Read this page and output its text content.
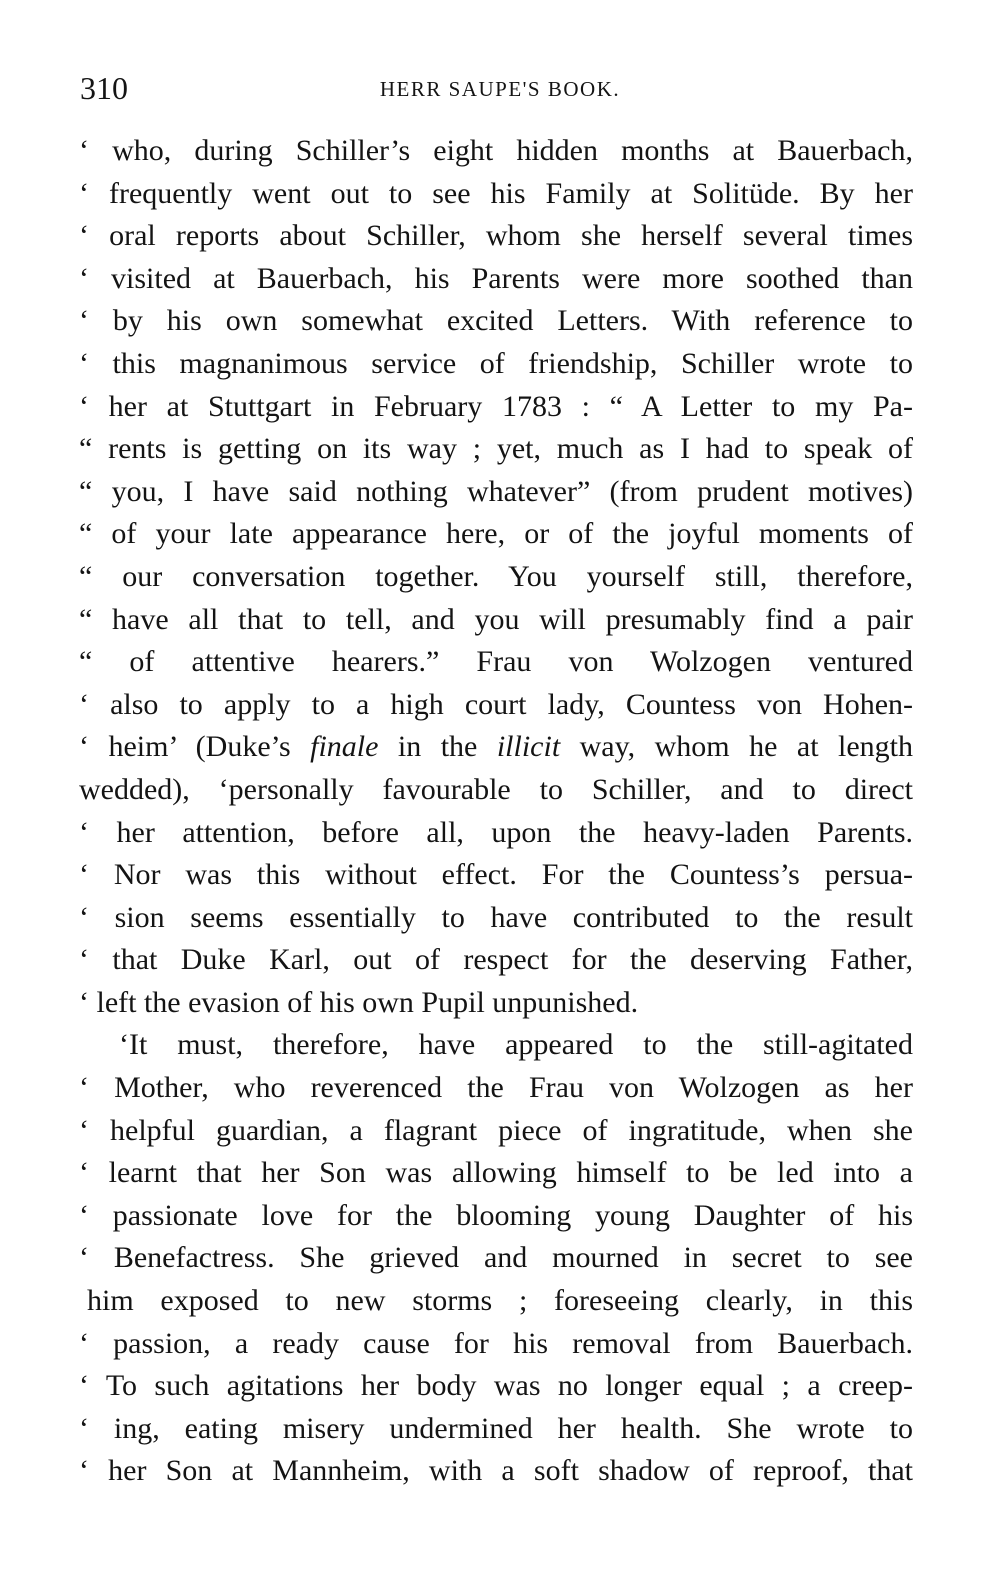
310	HERR SAUPE'S BOOK.
‘ who, during Schiller’s eight hidden months at Bauerbach,
‘ frequently went out to see his Family at Solitüde. By her
‘ oral reports about Schiller, whom she herself several times
‘ visited at Bauerbach, his Parents were more soothed than
‘ by his own somewhat excited Letters. With reference to
‘ this magnanimous service of friendship, Schiller wrote to
‘ her at Stuttgart in February 1783 : “ A Letter to my Pa-
“ rents is getting on its way ; yet, much as I had to speak of
“ you, I have said nothing whatever” (from prudent motives)
“ of your late appearance here, or of the joyful moments of
“ our conversation together. You yourself still, therefore,
“ have all that to tell, and you will presumably find a pair
“ of attentive hearers.” Frau von Wolzogen ventured
‘ also to apply to a high court lady, Countess von Hohen-
‘ heim’ (Duke’s finale in the illicit way, whom he at length
wedded), ‘personally favourable to Schiller, and to direct
‘ her attention, before all, upon the heavy-laden Parents.
‘ Nor was this without effect. For the Countess’s persua-
‘ sion seems essentially to have contributed to the result
‘ that Duke Karl, out of respect for the deserving Father,
‘ left the evasion of his own Pupil unpunished.
‘It must, therefore, have appeared to the still-agitated
‘ Mother, who reverenced the Frau von Wolzogen as her
‘ helpful guardian, a flagrant piece of ingratitude, when she
‘ learnt that her Son was allowing himself to be led into a
‘ passionate love for the blooming young Daughter of his
‘ Benefactress. She grieved and mourned in secret to see
him exposed to new storms ; foreseeing clearly, in this
‘ passion, a ready cause for his removal from Bauerbach.
‘ To such agitations her body was no longer equal ; a creep-
‘ ing, eating misery undermined her health. She wrote to
‘ her Son at Mannheim, with a soft shadow of reproof, that
